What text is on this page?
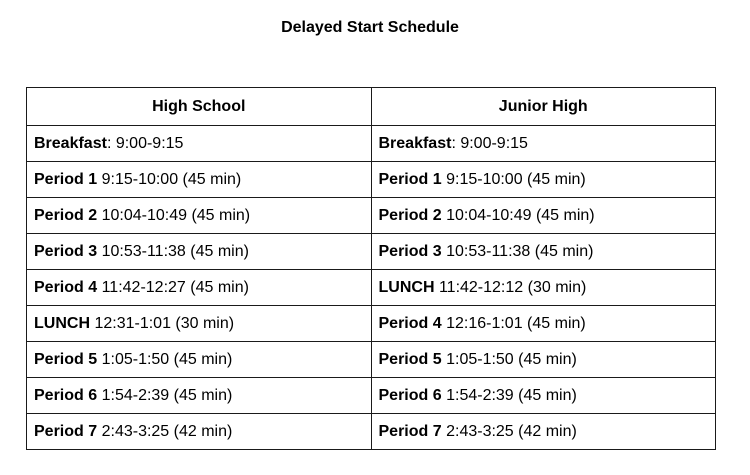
Delayed Start Schedule
High School	Junior High
Breakfast: 9:00-9:15	Breakfast: 9:00-9:15
Period 1 9:15-10:00 (45 min)	Period 1 9:15-10:00 (45 min)
Period 2 10:04-10:49 (45 min)	Period 2 10:04-10:49 (45 min)
Period 3 10:53-11:38 (45 min)	Period 3 10:53-11:38 (45 min)
Period 4 11:42-12:27 (45 min)	LUNCH 11:42-12:12 (30 min)
LUNCH 12:31-1:01 (30 min)	Period 4 12:16-1:01 (45 min)
Period 5 1:05-1:50 (45 min)	Period 5 1:05-1:50 (45 min)
Period 6 1:54-2:39 (45 min)	Period 6 1:54-2:39 (45 min)
Period 7 2:43-3:25 (42 min)	Period 7 2:43-3:25 (42 min)
